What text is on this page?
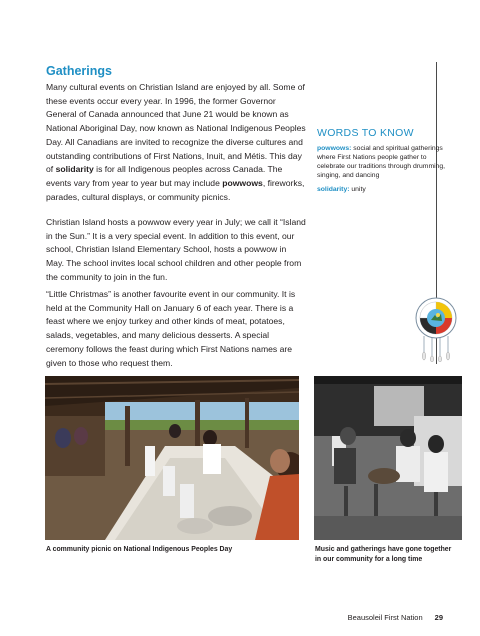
Gatherings

Many cultural events on Christian Island are enjoyed by all. Some of these events occur every year. In 1996, the former Governor General of Canada announced that June 21 would be known as National Aboriginal Day, now known as National Indigenous Peoples Day. All Canadians are invited to recognize the diverse cultures and outstanding contributions of First Nations, Inuit, and Métis. This day of solidarity is for all Indigenous peoples across Canada. The events vary from year to year but may include powwows, fireworks, parades, cultural displays, or community picnics.

Christian Island hosts a powwow every year in July; we call it “Island in the Sun.” It is a very special event. In addition to this event, our school, Christian Island Elementary School, hosts a powwow in May. The school invites local school children and other people from the community to join in the fun.

“Little Christmas” is another favourite event in our community. It is held at the Community Hall on January 6 of each year. There is a feast where we enjoy turkey and other kinds of meat, potatoes, salads, vegetables, and many delicious desserts. A special ceremony follows the feast during which First Nations names are given to those who request them.

WORDS TO KNOW

powwows: social and spiritual gatherings where First Nations people gather to celebrate our traditions through drumming, singing, and dancing

solidarity: unity

A community picnic on National Indigenous Peoples Day	Music and gatherings have gone together in our community for a long time
Beausoleil First Nation 29
